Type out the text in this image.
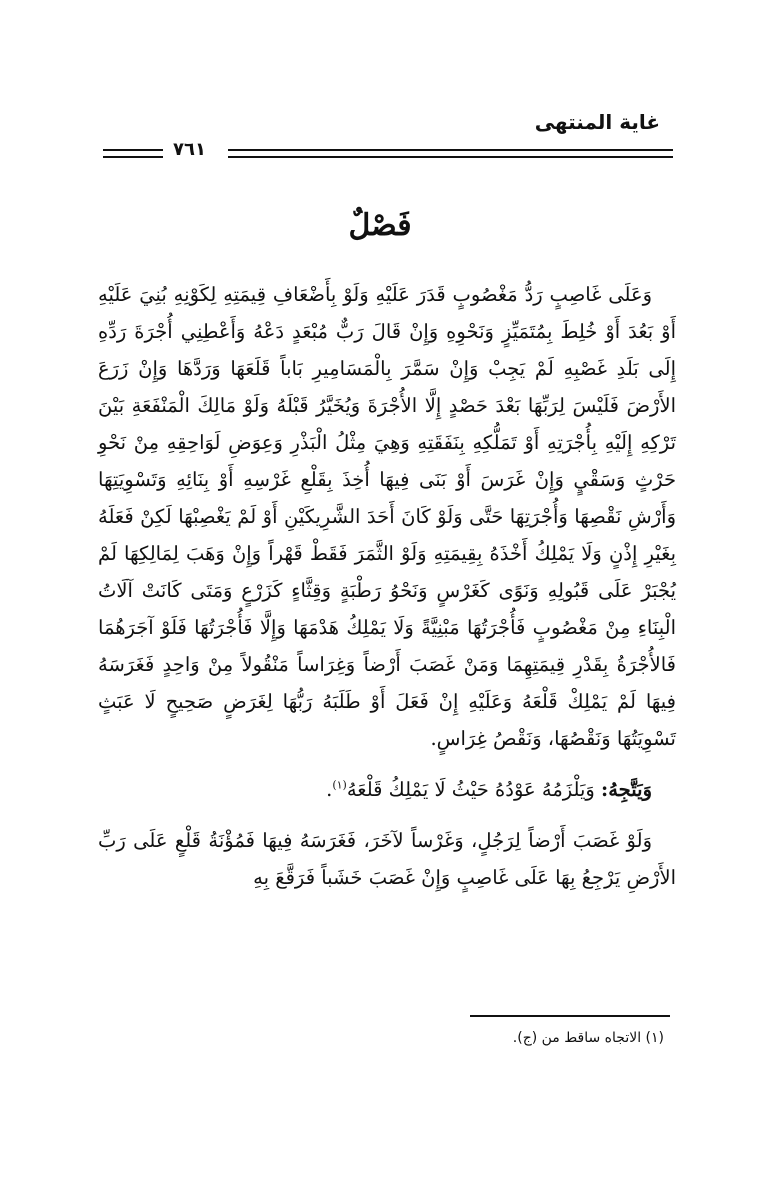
غاية المنتهى
٧٦١
فَصْلٌ

وَعَلَى غَاصِبٍ رَدُّ مَغْصُوبٍ قَدَرَ عَلَيْهِ وَلَوْ بِأَضْعَافِ قِيمَتِهِ لِكَوْنِهِ بُنِيَ عَلَيْهِ أَوْ بَعُدَ أَوْ خُلِطَ بِمُتَمَيِّزٍ وَنَحْوِهِ وَإِنْ قَالَ رَبٌّ مُبْعَدٍ دَعْهُ وَأَعْطِنِي أُجْرَةَ رَدِّهِ إِلَى بَلَدِ غَصْبِهِ لَمْ يَجِبْ وَإِنْ سَمَّرَ بِالْمَسَامِيرِ بَاباً قَلَعَهَا وَرَدَّهَا وَإِنْ زَرَعَ الأَرْضَ فَلَيْسَ لِرَبِّهَا بَعْدَ حَصْدٍ إِلَّا الأُجْرَةَ وَيُخَيَّرُ قَبْلَهُ وَلَوْ مَالِكَ الْمَنْفَعَةِ بَيْنَ تَرْكِهِ إِلَيْهِ بِأُجْرَتِهِ أَوْ تَمَلُّكِهِ بِنَفَقَتِهِ وَهِيَ مِثْلُ الْبَذْرِ وَعِوَضِ لَوَاحِقِهِ مِنْ نَحْوِ حَرْثٍ وَسَقْيٍ وَإِنْ غَرَسَ أَوْ بَنَى فِيهَا أُخِذَ بِقَلْعِ غَرْسِهِ أَوْ بِنَائِهِ وَتَسْوِيَتِهَا وَأَرْشِ نَقْصِهَا وَأُجْرَتِهَا حَتَّى وَلَوْ كَانَ أَحَدَ الشَّرِيكَيْنِ أَوْ لَمْ يَغْصِبْهَا لَكِنْ فَعَلَهُ بِغَيْرِ إِذْنٍ وَلَا يَمْلِكُ أَخْذَهُ بِقِيمَتِهِ وَلَوْ الثَّمَرَ فَقَطْ قَهْراً وَإِنْ وَهَبَ لِمَالِكِهَا لَمْ يُجْبَرْ عَلَى قَبُولِهِ وَنَوًى كَغَرْسٍ وَنَحْوُ رَطْبَةٍ وَقِثَّاءٍ كَزَرْعٍ وَمَتَى كَانَتْ آلَاتُ الْبِنَاءِ مِنْ مَغْصُوبٍ فَأُجْرَتُهَا مَبْنِيَّةً وَلَا يَمْلِكُ هَدْمَهَا وَإِلَّا فَأُجْرَتُهَا فَلَوْ آجَرَهُمَا فَالأُجْرَةُ بِقَدْرِ قِيمَتِهِمَا وَمَنْ غَصَبَ أَرْضاً وَغِرَاساً مَنْقُولاً مِنْ وَاحِدٍ فَغَرَسَهُ فِيهَا لَمْ يَمْلِكْ قَلْعَهُ وَعَلَيْهِ إِنْ فَعَلَ أَوْ طَلَبَهُ رَبُّهَا لِغَرَضٍ صَحِيحٍ لَا عَبَثٍ تَسْوِيَتُهَا وَنَقْصُهَا، وَنَقْصُ غِرَاسٍ.

وَيَتَّجِهُ: وَيَلْزَمُهُ عَوْدُهُ حَيْثُ لَا يَمْلِكُ قَلْعَهُ$^{(١)}$.

وَلَوْ غَصَبَ أَرْضاً لِرَجُلٍ، وَغَرْساً لآخَرَ، فَغَرَسَهُ فِيهَا فَمُؤْنَةُ قَلْعٍ عَلَى رَبِّ الأَرْضِ يَرْجِعُ بِهَا عَلَى غَاصِبٍ وَإِنْ غَصَبَ خَشَباً فَرَقَّعَ بِهِ

(١) الاتجاه ساقط من (ج).
